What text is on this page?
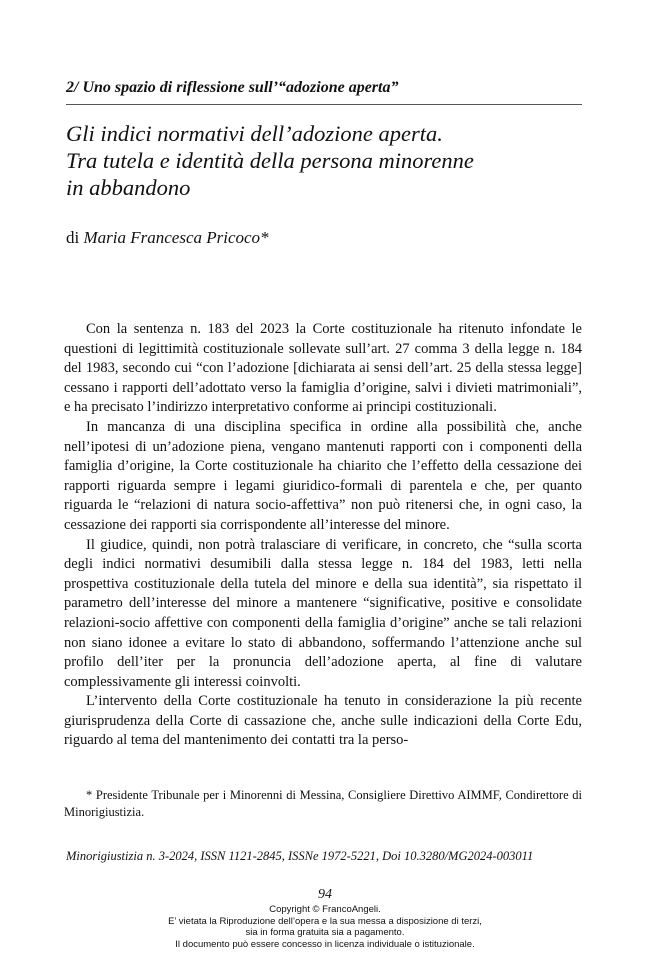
2/ Uno spazio di riflessione sull’“adozione aperta”
Gli indici normativi dell’adozione aperta.
Tra tutela e identità della persona minorenne
in abbandono

di Maria Francesca Pricoco*

Con la sentenza n. 183 del 2023 la Corte costituzionale ha ritenuto infondate le questioni di legittimità costituzionale sollevate sull’art. 27 comma 3 della legge n. 184 del 1983, secondo cui “con l’adozione [dichiarata ai sensi dell’art. 25 della stessa legge] cessano i rapporti dell’adottato verso la famiglia d’origine, salvi i divieti matrimoniali”, e ha precisato l’indirizzo interpretativo conforme ai principi costituzionali.

In mancanza di una disciplina specifica in ordine alla possibilità che, anche nell’ipotesi di un’adozione piena, vengano mantenuti rapporti con i componenti della famiglia d’origine, la Corte costituzionale ha chiarito che l’effetto della cessazione dei rapporti riguarda sempre i legami giuridico-formali di parentela e che, per quanto riguarda le “relazioni di natura socio-affettiva” non può ritenersi che, in ogni caso, la cessazione dei rapporti sia corrispondente all’interesse del minore.

Il giudice, quindi, non potrà tralasciare di verificare, in concreto, che “sulla scorta degli indici normativi desumibili dalla stessa legge n. 184 del 1983, letti nella prospettiva costituzionale della tutela del minore e della sua identità”, sia rispettato il parametro dell’interesse del minore a mantenere “significative, positive e consolidate relazioni-socio affettive con componenti della famiglia d’origine” anche se tali relazioni non siano idonee a evitare lo stato di abbandono, soffermando l’attenzione anche sul profilo dell’iter per la pronuncia dell’adozione aperta, al fine di valutare complessivamente gli interessi coinvolti.

L’intervento della Corte costituzionale ha tenuto in considerazione la più recente giurisprudenza della Corte di cassazione che, anche sulle indicazioni della Corte Edu, riguardo al tema del mantenimento dei contatti tra la perso-

* Presidente Tribunale per i Minorenni di Messina, Consigliere Direttivo AIMMF, Condirettore di Minorigiustizia.

Minorigiustizia n. 3-2024, ISSN 1121-2845, ISSNe 1972-5221, Doi 10.3280/MG2024-003011

94

Copyright © FrancoAngeli.
E’ vietata la Riproduzione dell’opera e la sua messa a disposizione di terzi,
sia in forma gratuita sia a pagamento.
Il documento può essere concesso in licenza individuale o istituzionale.
